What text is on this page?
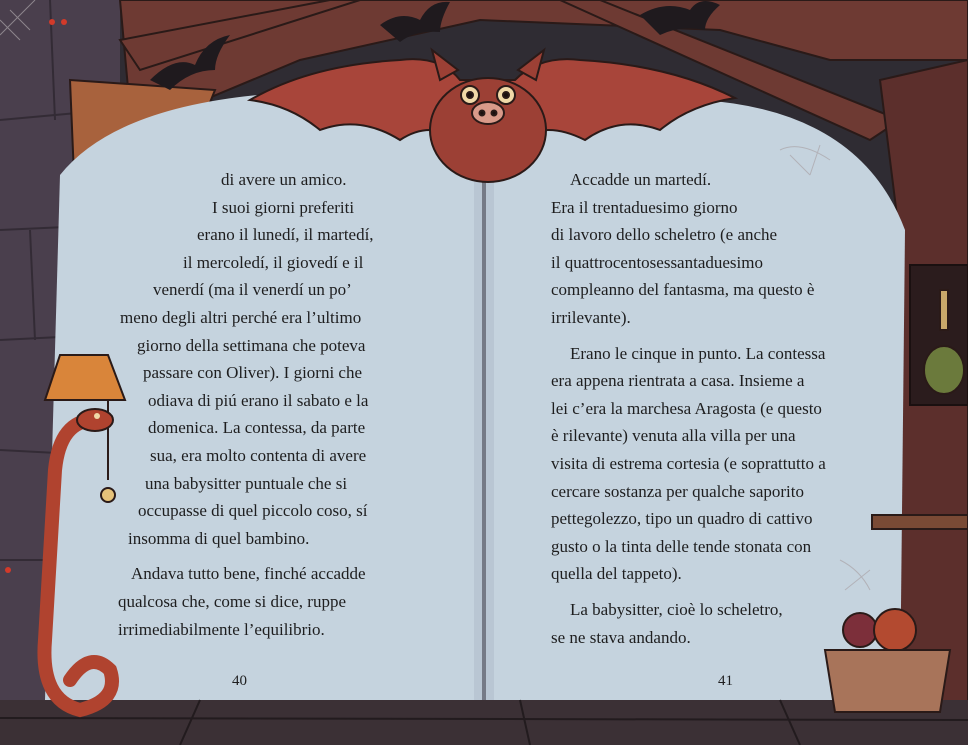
di avere un amico.
I suoi giorni preferiti
erano il lunedí, il martedí,
il mercoledí, il giovedí e il
venerdí (ma il venerdí un po’
meno degli altri perché era l’ultimo
giorno della settimana che poteva
passare con Oliver). I giorni che
odiava di piú erano il sabato e la
domenica. La contessa, da parte
sua, era molto contenta di avere
una babysitter puntuale che si
occupasse di quel piccolo coso, sí
insomma di quel bambino.
Andava tutto bene, finché accadde
qualcosa che, come si dice, ruppe
irrimediabilmente l’equilibrio.
40
Accadde un martedí.
Era il trentaduesimo giorno
di lavoro dello scheletro (e anche
il quattrocentosessantaduesimo
compleanno del fantasma, ma questo è
irrilevante).
Erano le cinque in punto. La contessa
era appena rientrata a casa. Insieme a
lei c’era la marchesa Aragosta (e questo
è rilevante) venuta alla villa per una
visita di estrema cortesia (e soprattutto a
cercare sostanza per qualche saporito
pettegolezzo, tipo un quadro di cattivo
gusto o la tinta delle tende stonata con
quella del tappeto).
La babysitter, cioè lo scheletro,
se ne stava andando.
41
